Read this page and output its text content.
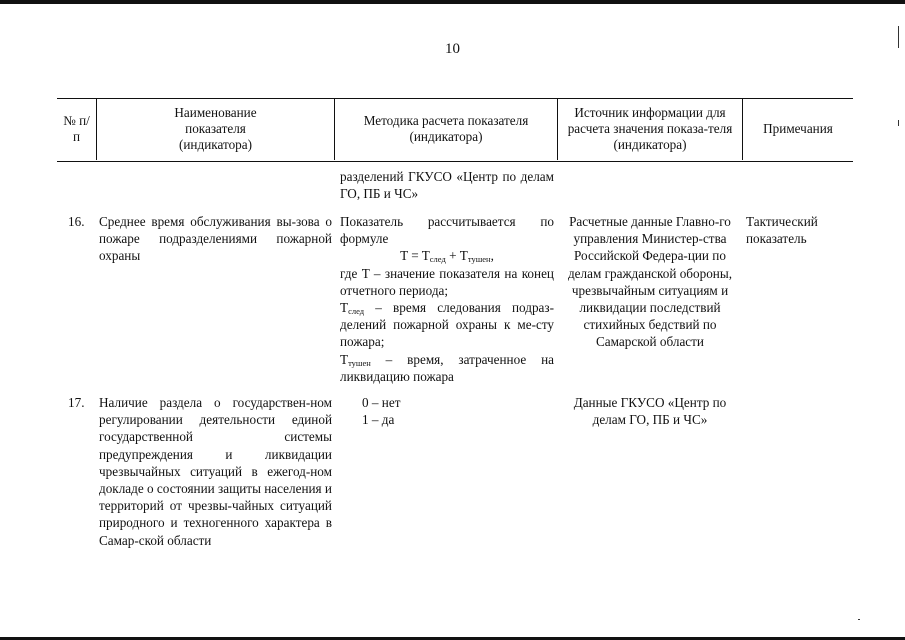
10
№ п/п
Наименование показателя (индикатора)
Методика расчета показателя (индикатора)
Источник информации для расчета значения показа-теля (индикатора)
Примечания
разделений ГКУСО «Центр по делам ГО, ПБ и ЧС»
16. Среднее время обслуживания вы-зова о пожаре подразделениями пожарной охраны
Показатель рассчитывается по формуле
$T = T_{след} + T_{тушен}$,
где T – значение показателя на конец отчетного периода;
$T_{след}$ – время следования подраз-делений пожарной охраны к ме-сту пожара;
$T_{тушен}$ – время, затраченное на ликвидацию пожара
Расчетные данные Главно-го управления Министер-ства Российской Федера-ции по делам гражданской обороны, чрезвычайным ситуациям и ликвидации последствий стихийных бедствий по Самарской области
Тактический показатель
17. Наличие раздела о государствен-ном регулировании деятельности единой государственной системы предупреждения и ликвидации чрезвычайных ситуаций в ежегод-ном докладе о состоянии защиты населения и территорий от чрезвы-чайных ситуаций природного и техногенного характера в Самар-ской области
0 – нет
1 – да
Данные ГКУСО «Центр по делам ГО, ПБ и ЧС»
